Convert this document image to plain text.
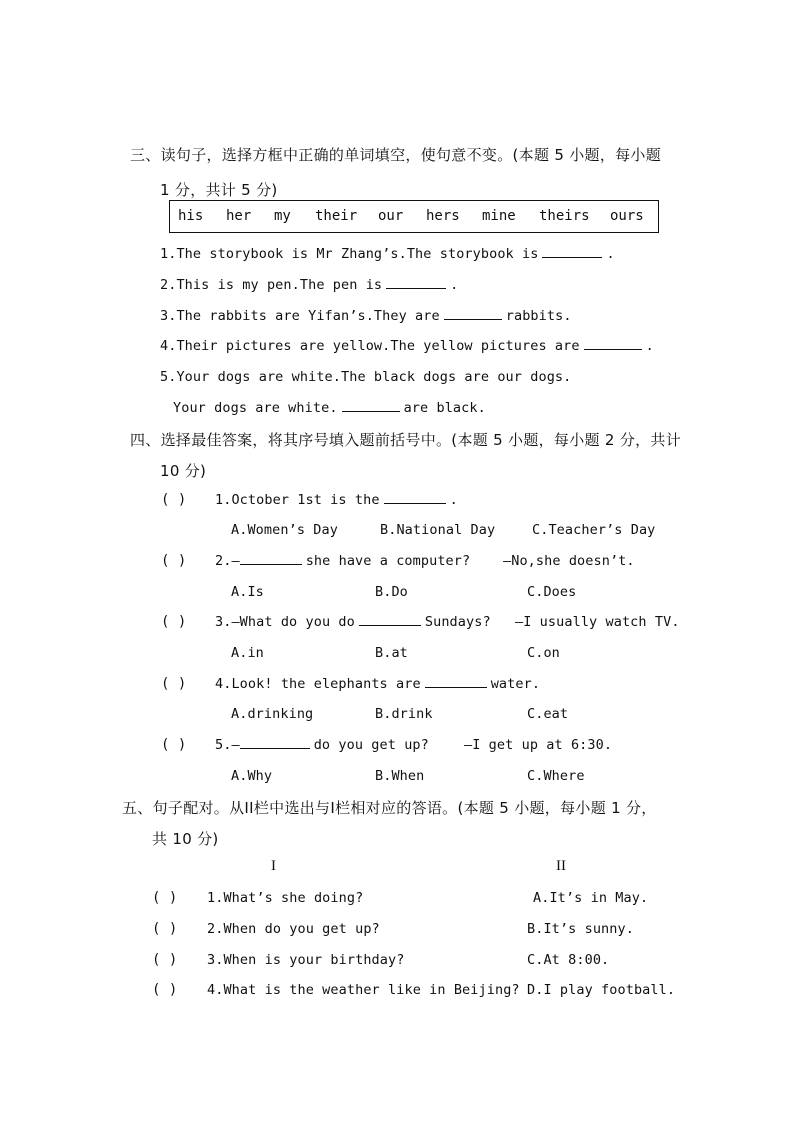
三、读句子，选择方框中正确的单词填空，使句意不变。(本题 5 小题，每小题
1 分，共计 5 分)
his her my their our hers mine theirs ours
1.The storybook is Mr Zhang’s.The storybook is	.
2.This is my pen.The pen is	.
3.The rabbits are Yifan’s.They are	rabbits.
4.Their pictures are yellow.The yellow pictures are	.
5.Your dogs are white.The black dogs are our dogs.
Your dogs are white.	are black.
四、选择最佳答案，将其序号填入题前括号中。(本题 5 小题，每小题 2 分，共计
10 分)
( ) 1.October 1st is the	.
A.Women’s Day	B.National Day	C.Teacher’s Day
( ) 2.—	she have a computer? —No,she doesn’t.
A.Is	B.Do	C.Does
( ) 3.—What do you do	Sundays? —I usually watch TV.
A.in	B.at	C.on
( ) 4.Look! the elephants are	water.
A.drinking	B.drink	C.eat
( ) 5.—	do you get up?	—I get up at 6:30.
A.Why	B.When	C.Where
五、句子配对。从II栏中选出与I栏相对应的答语。(本题 5 小题，每小题 1 分，
共 10 分)
I	II
( ) 1.What’s she doing?	A.It’s in May.
( ) 2.When do you get up?	B.It’s sunny.
( ) 3.When is your birthday?	C.At 8:00.
( ) 4.What is the weather like in Beijing? D.I play football.
